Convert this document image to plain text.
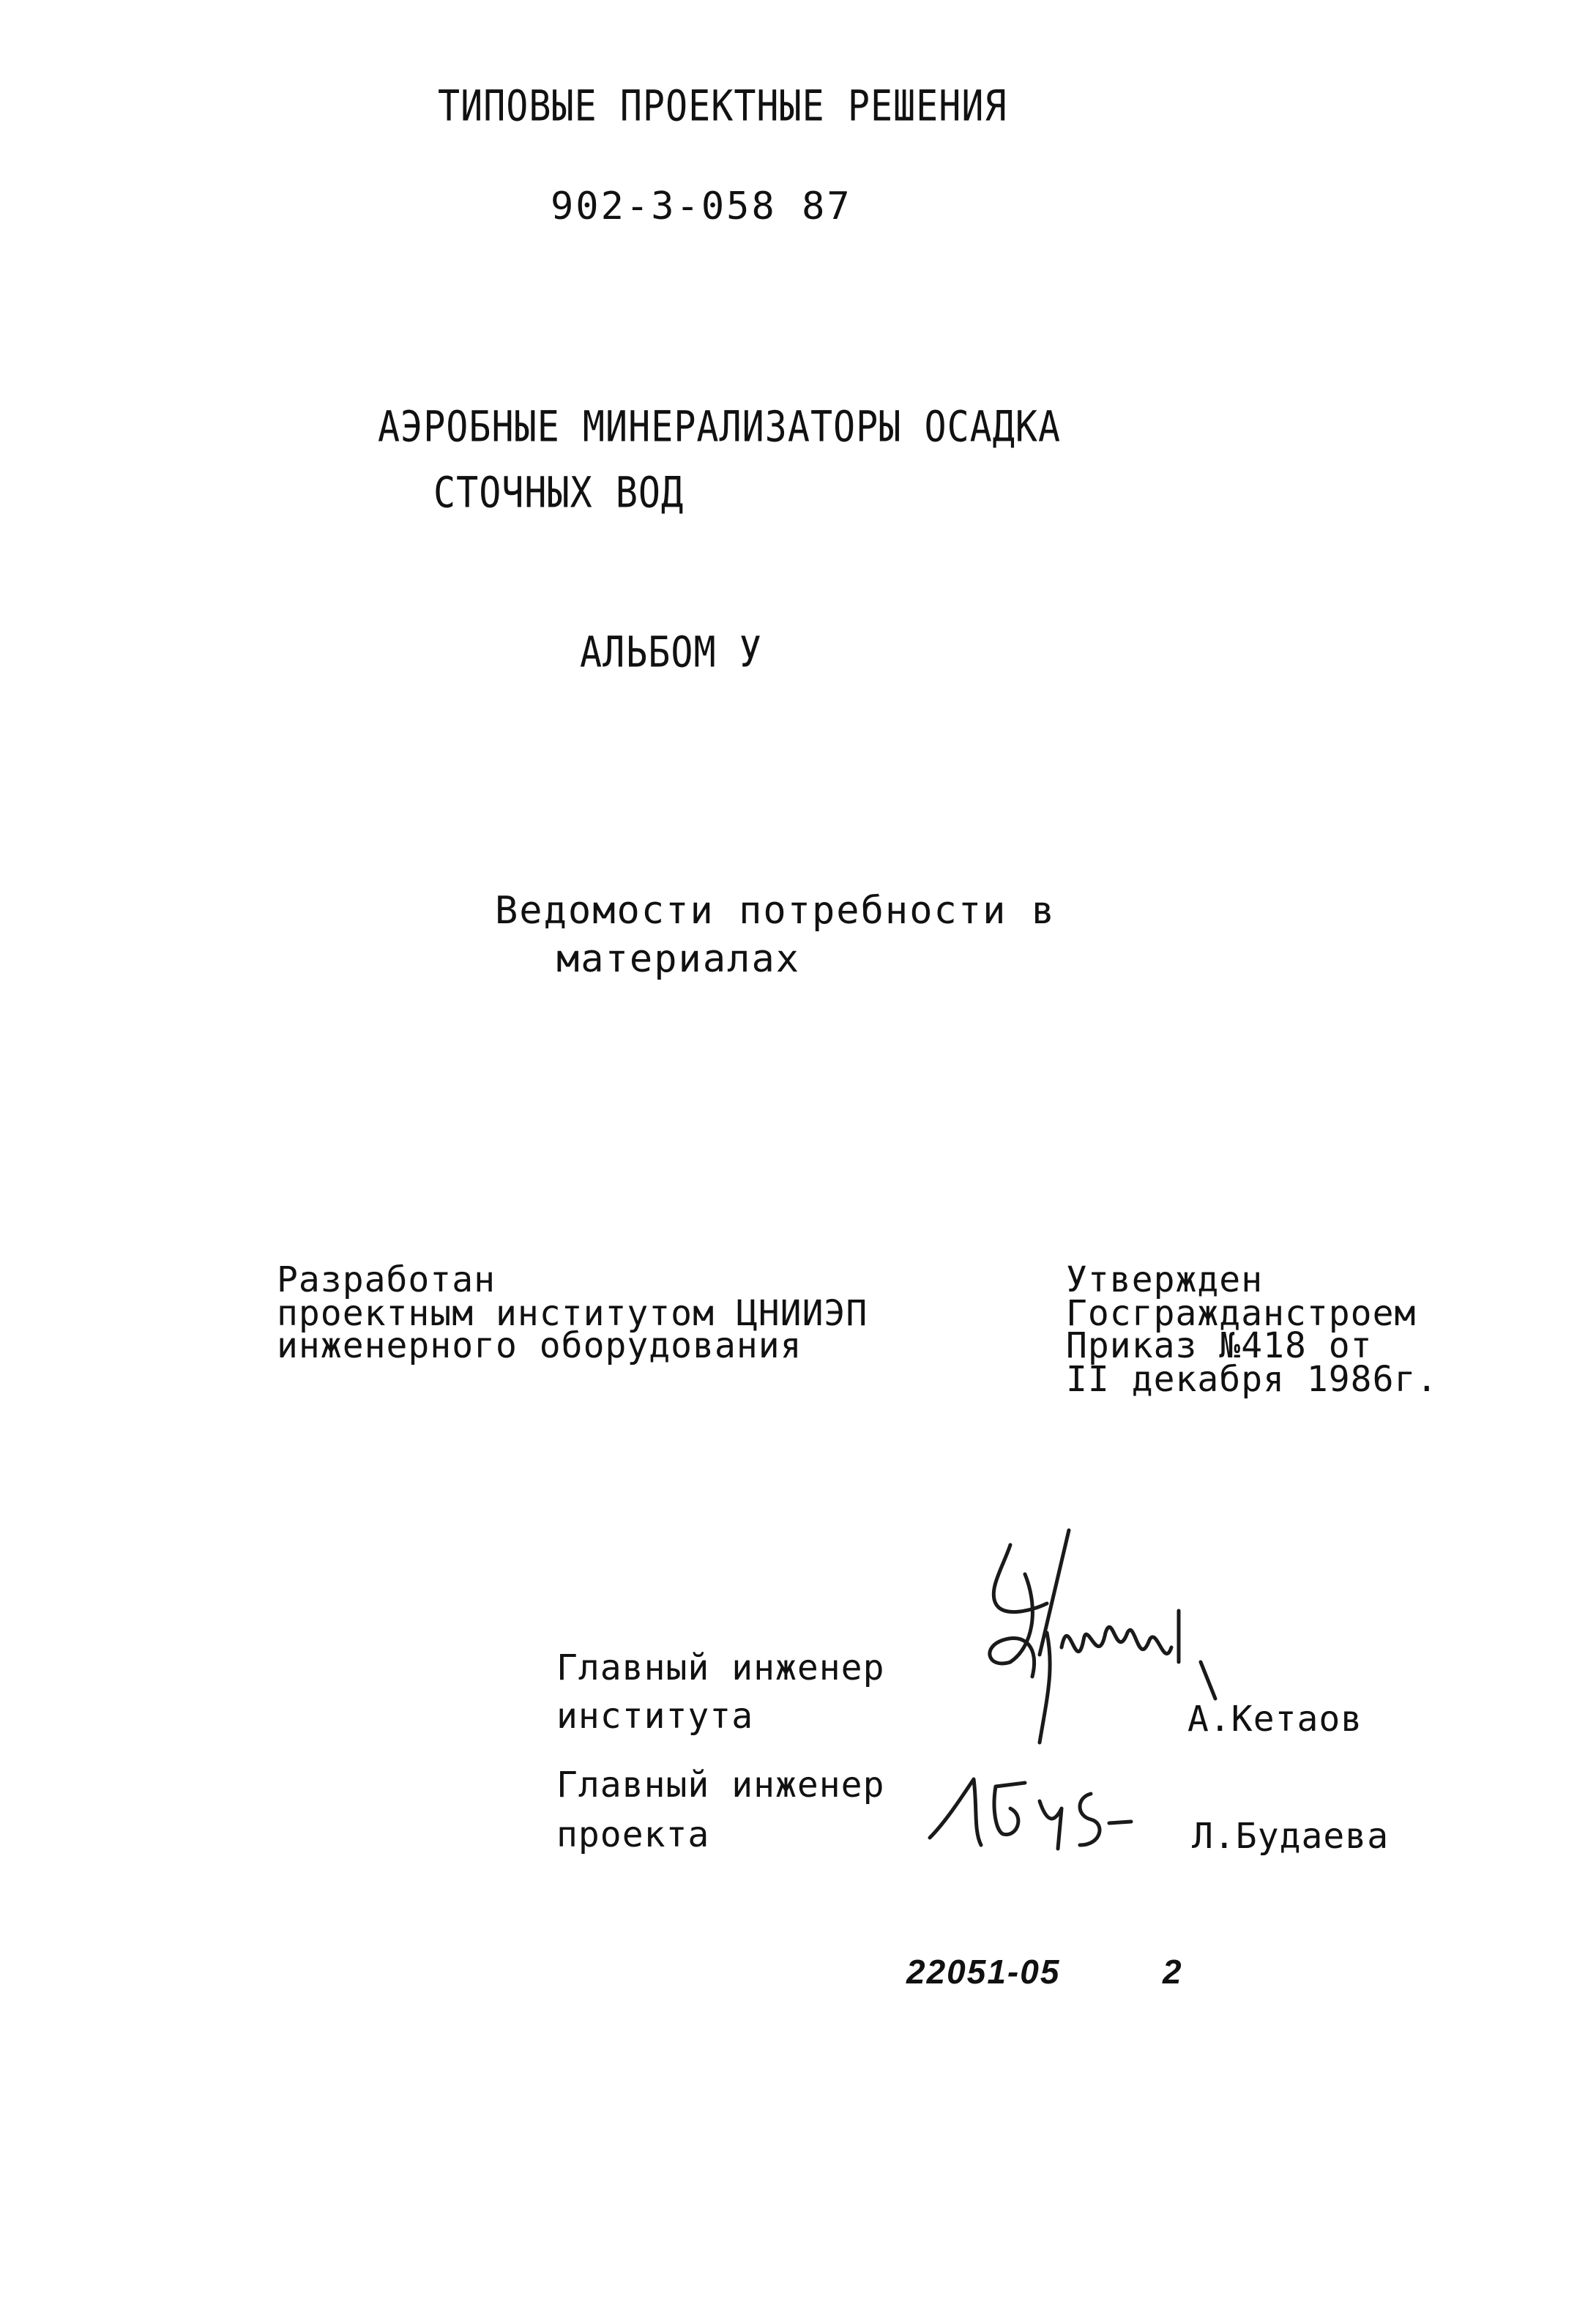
ТИПОВЫЕ ПРОЕКТНЫЕ РЕШЕНИЯ
902-3-058 87
АЭРОБНЫЕ МИНЕРАЛИЗАТОРЫ ОСАДКА
СТОЧНЫХ ВОД
АЛЬБОМ У
Ведомости потребности в
материалах
Разработан
проектным институтом ЦНИИЭП
инженерного оборудования
Утвержден
Госгражданстроем
Приказ №418 от
II декабря 1986г.
Главный инженер
института	А.Кетаов
Главный инженер
проекта	Л.Будаева
22051-05	2
